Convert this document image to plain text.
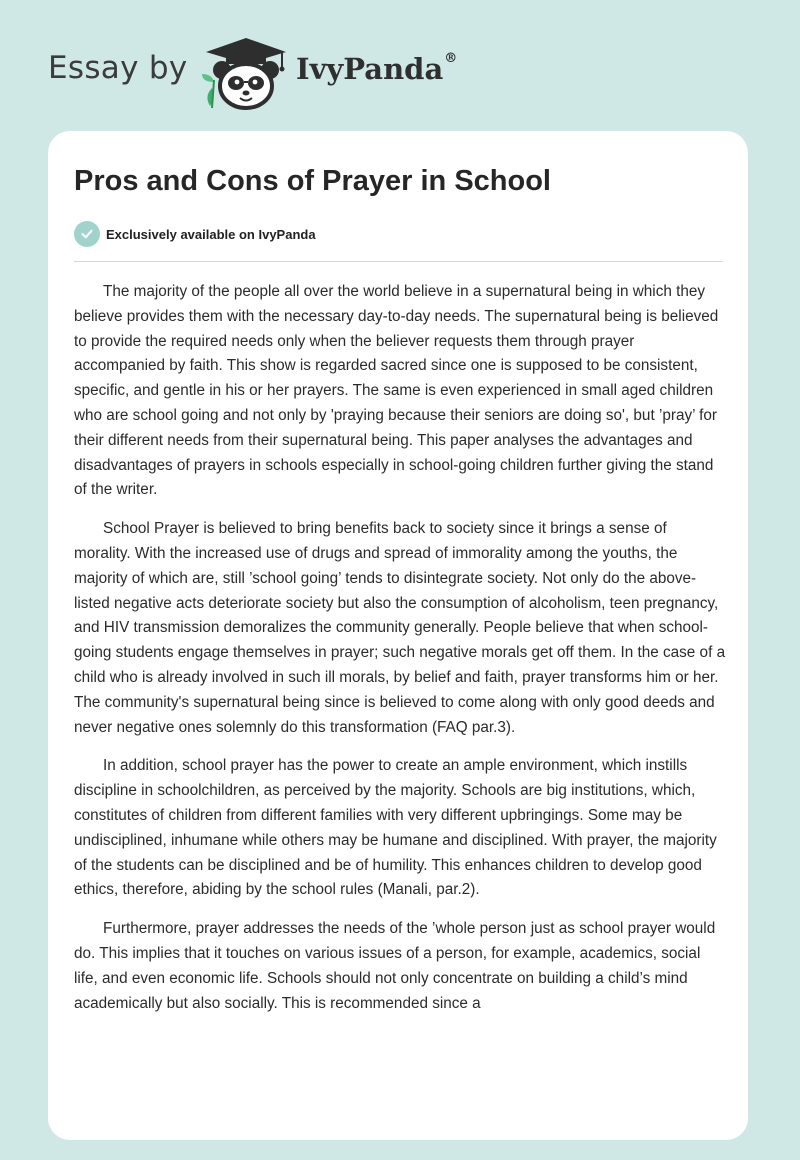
Essay by	IvyPanda®
Pros and Cons of Prayer in School
Exclusively available on IvyPanda

The majority of the people all over the world believe in a supernatural being in which they believe provides them with the necessary day-to-day needs. The supernatural being is believed to provide the required needs only when the believer requests them through prayer accompanied by faith. This show is regarded sacred since one is supposed to be consistent, specific, and gentle in his or her prayers. The same is even experienced in small aged children who are school going and not only by 'praying because their seniors are doing so', but ’pray’ for their different needs from their supernatural being. This paper analyses the advantages and disadvantages of prayers in schools especially in school-going children further giving the stand of the writer.

School Prayer is believed to bring benefits back to society since it brings a sense of morality. With the increased use of drugs and spread of immorality among the youths, the majority of which are, still ’school going’ tends to disintegrate society. Not only do the above-listed negative acts deteriorate society but also the consumption of alcoholism, teen pregnancy, and HIV transmission demoralizes the community generally. People believe that when school-going students engage themselves in prayer; such negative morals get off them. In the case of a child who is already involved in such ill morals, by belief and faith, prayer transforms him or her. The community's supernatural being since is believed to come along with only good deeds and never negative ones solemnly do this transformation (FAQ par.3).

In addition, school prayer has the power to create an ample environment, which instills discipline in schoolchildren, as perceived by the majority. Schools are big institutions, which, constitutes of children from different families with very different upbringings. Some may be undisciplined, inhumane while others may be humane and disciplined. With prayer, the majority of the students can be disciplined and be of humility. This enhances children to develop good ethics, therefore, abiding by the school rules (Manali, par.2).

Furthermore, prayer addresses the needs of the ’whole person just as school prayer would do. This implies that it touches on various issues of a person, for example, academics, social life, and even economic life. Schools should not only concentrate on building a child’s mind academically but also socially. This is recommended since a
